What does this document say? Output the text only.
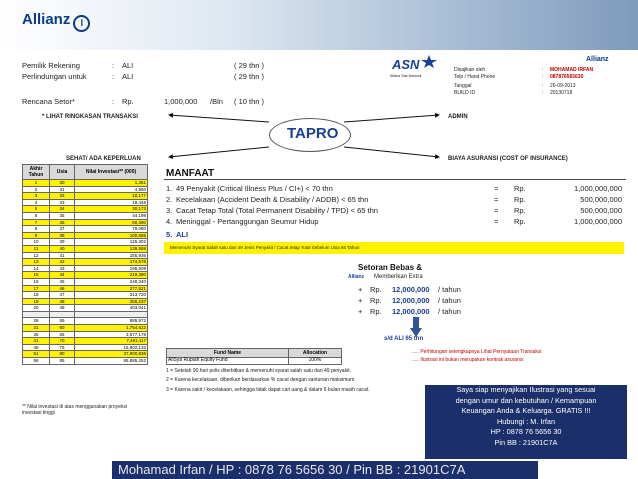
Allianz Ⅰ
Pemilik Rekening	: ALI	( 29 thn )
Perlindungan untuk	: ALI	( 29 thn )
Rencana Setor*	: Rp.	1,000,000 /Bln ( 10 thn )
ASN
Allianz Star Network
Allianz
Disajikan oleh	: MOHAMAD IRFAN
Telp / Hand Phone	: 087876565630
Tanggal	: 26-09-2013
BUILD ID	: 20130718
TAPRO
* LIHAT RINGKASAN TRANSAKSI	ADMIN
SEHAT/ ADA KEPERLUAN	BIAYA ASURANSI (COST OF INSURANCE)
Akhir Tahun	Usia	Nilai Investasi** (000)
1	30	1,361
2	31	4,960
3	32	10,177
4	33	19,448
5	34	30,173
6	35	44,198
7	36	60,390
8	37	79,080
9	38	100,585
10	39	125,302
11	40	139,588
12	41	155,936
13	42	174,578
14	43	195,609
15	44	219,390
16	45	246,340
17	46	277,521
18	47	313,720
19	48	355,237
20	49	403,041
-	-	-
26	55	885,972
31	60	1,754,622
36	65	3,577,178
41	70	7,491,117
46	75	16,802,133
51	80	37,900,836
56	85	85,885,252
** Nilai investasi di atas menggunakan proyeksi investasi tinggi
MANFAAT
1. 49 Penyakit (Critical Illness Plus / CI+) < 70 thn	= Rp.	1,000,000,000
2. Kecelakaan (Accident Death & Disability / ADDB) < 65 thn	= Rp.	500,000,000
3. Cacat Tetap Total (Total Permanent Disability / TPD) < 65 thn	= Rp.	500,000,000
4. Meninggal - Pertanggungan Seumur Hidup	= Rp.	1,000,000,000
5. ALI
Memenuhi Syarat Salah satu dari 49 Jenis Penyakit / Cacat tetap Total Sebelum Usia 65 Tahun
Setoran Bebas &
Allianz Memberikan Extra
+ Rp. 12,000,000 / tahun
+ Rp. 12,000,000 / tahun
+ Rp. 12,000,000 / tahun
s/d ALI 65 thn
Fund Name	Allocation
AliSya Rupiah Equity Fund	100%
..... Perhitungan selengkapnya Lihat Pernyataan Transaksi
..... Ilustrasi ini bukan merupakan kontrak asuransi
1 = Setelah 90 hari polis diterbitkan & memenuhi syarat salah satu dari 49 penyakit.
2 = Karena kecelakaan, diberikan berdasarkan % cacat dengan santunan maksimum
3 = Karena sakit / kecelakaan, sehingga tidak dapat cari uang & dalam 6 bulan masih cacat.	Saya siap menyajikan Ilustrasi yang sesuai
dengan umur dan kebutuhan / Kemampuan
Keuangan Anda & Keluarga. GRATIS !!!
Hubungi : M. Irfan
HP : 0878 76 5656 30
Pin BB : 21901C7A
Mohamad Irfan / HP : 0878 76 5656 30 / Pin BB : 21901C7A
